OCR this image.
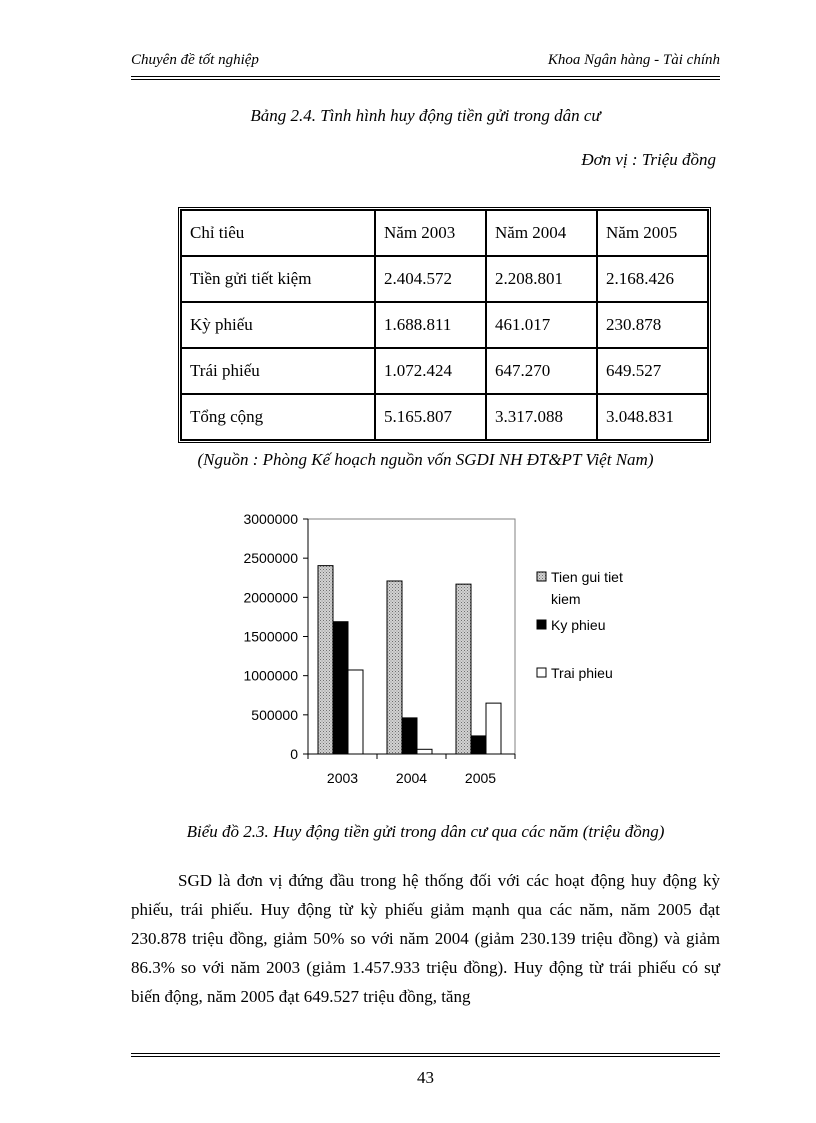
Chuyên đề tốt nghiệp	Khoa Ngân hàng - Tài chính
Bảng 2.4. Tình hình huy động tiền gửi trong dân cư
Đơn vị : Triệu đồng
Chỉ tiêu	Năm 2003	Năm 2004	Năm 2005
Tiền gửi tiết kiệm	2.404.572	2.208.801	2.168.426
Kỳ phiếu	1.688.811	461.017	230.878
Trái phiếu	1.072.424	647.270	649.527
Tổng cộng	5.165.807	3.317.088	3.048.831
(Nguồn : Phòng Kế hoạch nguồn vốn SGDI NH ĐT&PT Việt Nam)
3000000
2500000
2000000
1500000
1000000
500000
0
2003	2004	2005
Tien gui tiet
kiem
Ky phieu
Trai phieu
Biểu đồ 2.3. Huy động tiền gửi trong dân cư qua các năm (triệu đồng)

SGD là đơn vị đứng đầu trong hệ thống đối với các hoạt động huy động kỳ phiếu, trái phiếu. Huy động từ kỳ phiếu giảm mạnh qua các năm, năm 2005 đạt 230.878 triệu đồng, giảm 50% so với năm 2004 (giảm 230.139 triệu đồng) và giảm 86.3% so với năm 2003 (giảm 1.457.933 triệu đồng). Huy động từ trái phiếu có sự biến động, năm 2005 đạt 649.527 triệu đồng, tăng

43
